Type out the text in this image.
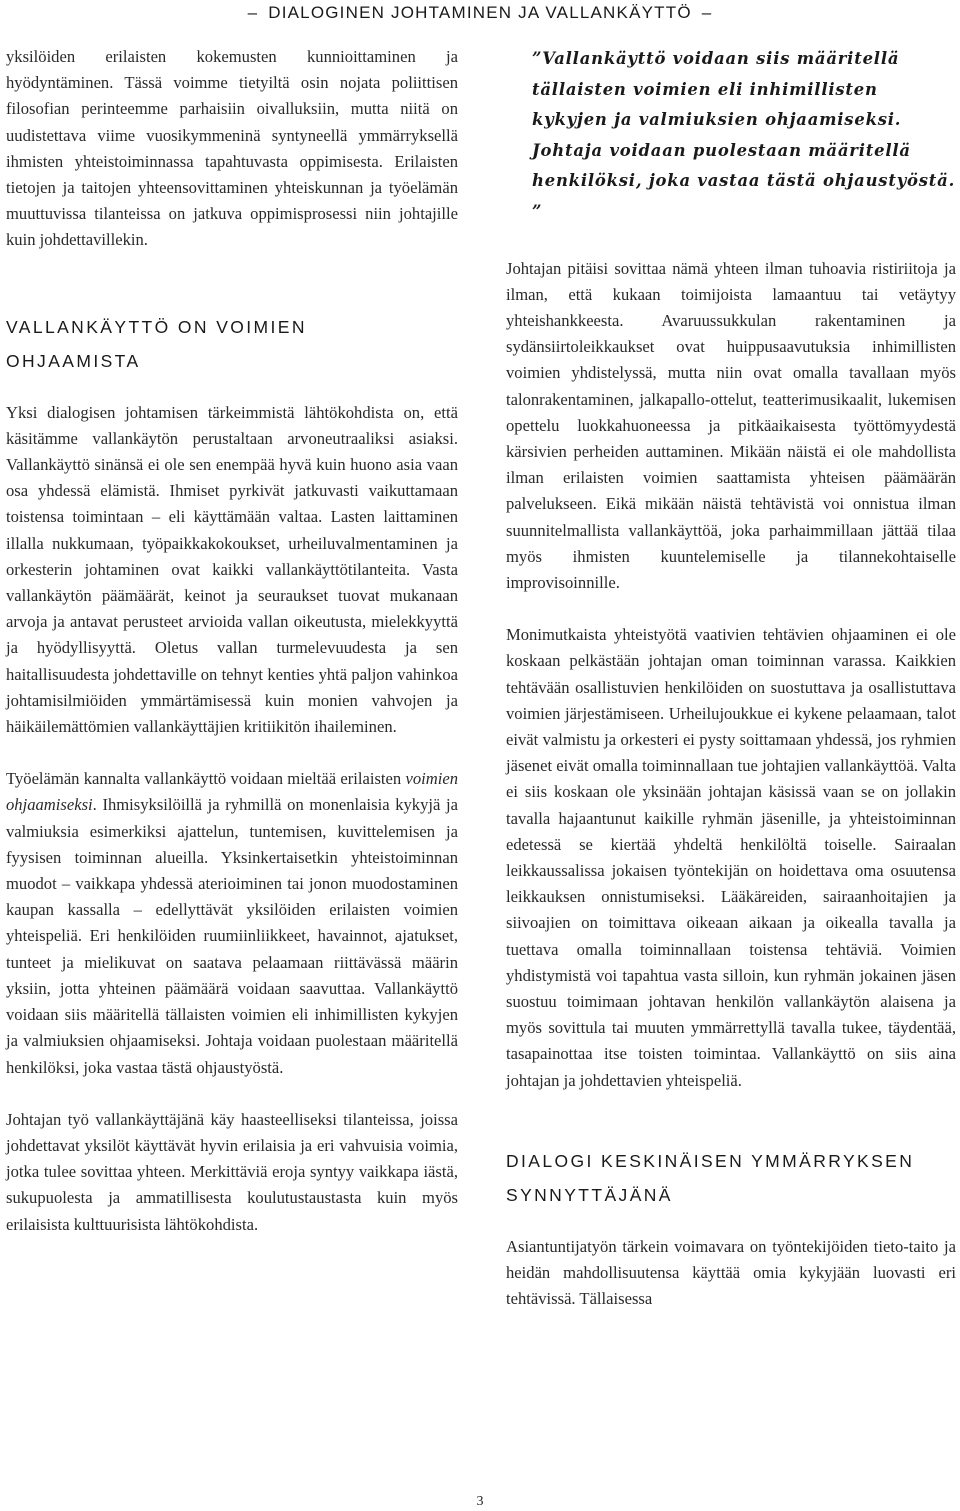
– DIALOGINEN JOHTAMINEN JA VALLANKÄYTTÖ –

yksilöiden erilaisten kokemusten kunnioittaminen ja hyödyntäminen. Tässä voimme tietyiltä osin nojata poliittisen filosofian perinteemme parhaisiin oivalluksiin, mutta niitä on uudistettava viime vuosikymmeninä syntyneellä ymmärryksellä ihmisten yhteistoiminnassa tapahtuvasta oppimisesta. Erilaisten tietojen ja taitojen yhteensovittaminen yhteiskunnan ja työelämän muuttuvissa tilanteissa on jatkuva oppimisprosessi niin johtajille kuin johdettavillekin.

VALLANKÄYTTÖ ON VOIMIEN
OHJAAMISTA

Yksi dialogisen johtamisen tärkeimmistä lähtökohdista on, että käsitämme vallankäytön perustaltaan arvoneutraaliksi asiaksi. Vallankäyttö sinänsä ei ole sen enempää hyvä kuin huono asia vaan osa yhdessä elämistä. Ihmiset pyrkivät jatkuvasti vaikuttamaan toistensa toimintaan – eli käyttämään valtaa. Lasten laittaminen illalla nukkumaan, työpaikkakokoukset, urheiluvalmentaminen ja orkesterin johtaminen ovat kaikki vallankäyttötilanteita. Vasta vallankäytön päämäärät, keinot ja seuraukset tuovat mukanaan arvoja ja antavat perusteet arvioida vallan oikeutusta, mielekkyyttä ja hyödyllisyyttä. Oletus vallan turmelevuudesta ja sen haitallisuudesta johdettaville on tehnyt kenties yhtä paljon vahinkoa johtamisilmiöiden ymmärtämisessä kuin monien vahvojen ja häikäilemättömien vallankäyttäjien kritiikitön ihaileminen.

Työelämän kannalta vallankäyttö voidaan mieltää erilaisten voimien ohjaamiseksi. Ihmisyksilöillä ja ryhmillä on monenlaisia kykyjä ja valmiuksia esimerkiksi ajattelun, tuntemisen, kuvittelemisen ja fyysisen toiminnan alueilla. Yksinkertaisetkin yhteistoiminnan muodot – vaikkapa yhdessä aterioiminen tai jonon muodostaminen kaupan kassalla – edellyttävät yksilöiden erilaisten voimien yhteispeliä. Eri henkilöiden ruumiinliikkeet, havainnot, ajatukset, tunteet ja mielikuvat on saatava pelaamaan riittävässä määrin yksiin, jotta yhteinen päämäärä voidaan saavuttaa. Vallankäyttö voidaan siis määritellä tällaisten voimien eli inhimillisten kykyjen ja valmiuksien ohjaamiseksi. Johtaja voidaan puolestaan määritellä henkilöksi, joka vastaa tästä ohjaustyöstä.

Johtajan työ vallankäyttäjänä käy haasteelliseksi tilanteissa, joissa johdettavat yksilöt käyttävät hyvin erilaisia ja eri vahvuisia voimia, jotka tulee sovittaa yhteen. Merkittäviä eroja syntyy vaikkapa iästä, sukupuolesta ja ammatillisesta koulutustaustasta kuin myös erilaisista kulttuurisista lähtökohdista.

”Vallankäyttö voidaan siis määritellä tällaisten voimien eli inhimillisten kykyjen ja valmiuksien ohjaamiseksi. Johtaja voidaan puolestaan määritellä henkilöksi, joka vastaa tästä ohjaustyöstä. ”

Johtajan pitäisi sovittaa nämä yhteen ilman tuhoavia ristiriitoja ja ilman, että kukaan toimijoista lamaantuu tai vetäytyy yhteishankkeesta. Avaruussukkulan rakentaminen ja sydänsiirtoleikkaukset ovat huippusaavutuksia inhimillisten voimien yhdistelyssä, mutta niin ovat omalla tavallaan myös talonrakentaminen, jalkapallo-ottelut, teatterimusikaalit, lukemisen opettelu luokkahuoneessa ja pitkäaikaisesta työttömyydestä kärsivien perheiden auttaminen. Mikään näistä ei ole mahdollista ilman erilaisten voimien saattamista yhteisen päämäärän palvelukseen. Eikä mikään näistä tehtävistä voi onnistua ilman suunnitelmallista vallankäyttöä, joka parhaimmillaan jättää tilaa myös ihmisten kuuntelemiselle ja tilannekohtaiselle improvisoinnille.

Monimutkaista yhteistyötä vaativien tehtävien ohjaaminen ei ole koskaan pelkästään johtajan oman toiminnan varassa. Kaikkien tehtävään osallistuvien henkilöiden on suostuttava ja osallistuttava voimien järjestämiseen. Urheilujoukkue ei kykene pelaamaan, talot eivät valmistu ja orkesteri ei pysty soittamaan yhdessä, jos ryhmien jäsenet eivät omalla toiminnallaan tue johtajien vallankäyttöä. Valta ei siis koskaan ole yksinään johtajan käsissä vaan se on jollakin tavalla hajaantunut kaikille ryhmän jäsenille, ja yhteistoiminnan edetessä se kiertää yhdeltä henkilöltä toiselle. Sairaalan leikkaussalissa jokaisen työntekijän on hoidettava oma osuutensa leikkauksen onnistumiseksi. Lääkäreiden, sairaanhoitajien ja siivoajien on toimittava oikeaan aikaan ja oikealla tavalla ja tuettava omalla toiminnallaan toistensa tehtäviä. Voimien yhdistymistä voi tapahtua vasta silloin, kun ryhmän jokainen jäsen suostuu toimimaan johtavan henkilön vallankäytön alaisena ja myös sovittula tai muuten ymmärrettyllä tavalla tukee, täydentää, tasapainottaa itse toisten toimintaa. Vallankäyttö on siis aina johtajan ja johdettavien yhteispeliä.

DIALOGI KESKINÄISEN YMMÄRRYKSEN
SYNNYTTÄJÄNÄ

Asiantuntijatyön tärkein voimavara on työntekijöiden tieto-taito ja heidän mahdollisuutensa käyttää omia kykyjään luovasti eri tehtävissä. Tällaisessa

3
